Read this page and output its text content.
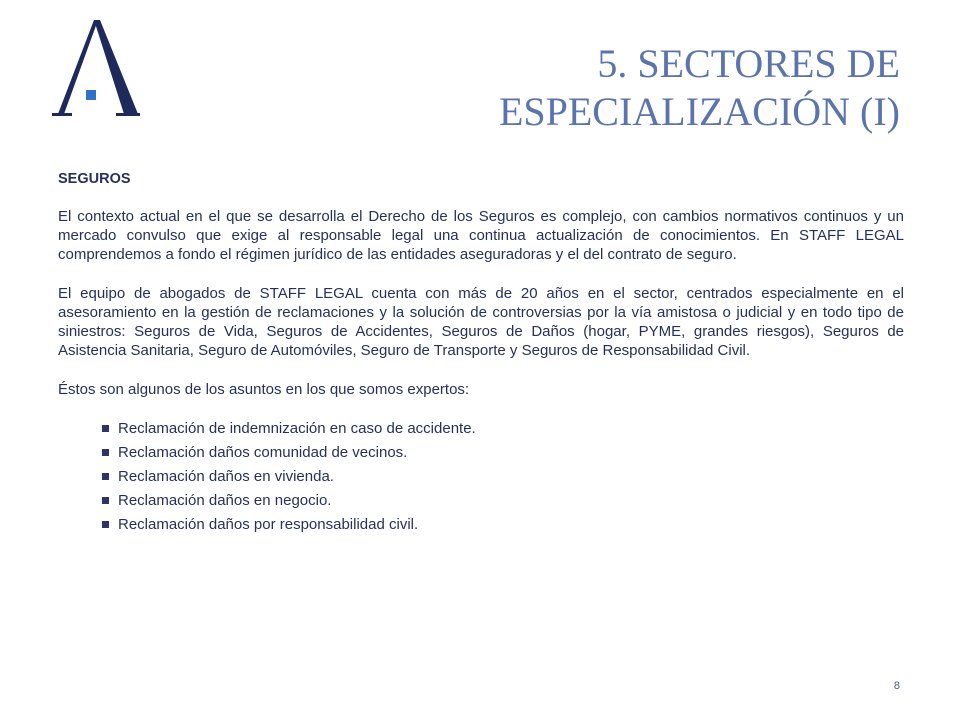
5. SECTORES DE
ESPECIALIZACIÓN (I)

SEGUROS

El contexto actual en el que se desarrolla el Derecho de los Seguros es complejo, con cambios normativos continuos y un mercado convulso que exige al responsable legal una continua actualización de conocimientos. En STAFF LEGAL comprendemos a fondo el régimen jurídico de las entidades aseguradoras y el del contrato de seguro.

El equipo de abogados de STAFF LEGAL cuenta con más de 20 años en el sector, centrados especialmente en el asesoramiento en la gestión de reclamaciones y la solución de controversias por la vía amistosa o judicial y en todo tipo de siniestros: Seguros de Vida, Seguros de Accidentes, Seguros de Daños (hogar, PYME, grandes riesgos), Seguros de Asistencia Sanitaria, Seguro de Automóviles, Seguro de Transporte y Seguros de Responsabilidad Civil.

Éstos son algunos de los asuntos en los que somos expertos:

Reclamación de indemnización en caso de accidente.
Reclamación daños comunidad de vecinos.
Reclamación daños en vivienda.
Reclamación daños en negocio.
Reclamación daños por responsabilidad civil.
8
